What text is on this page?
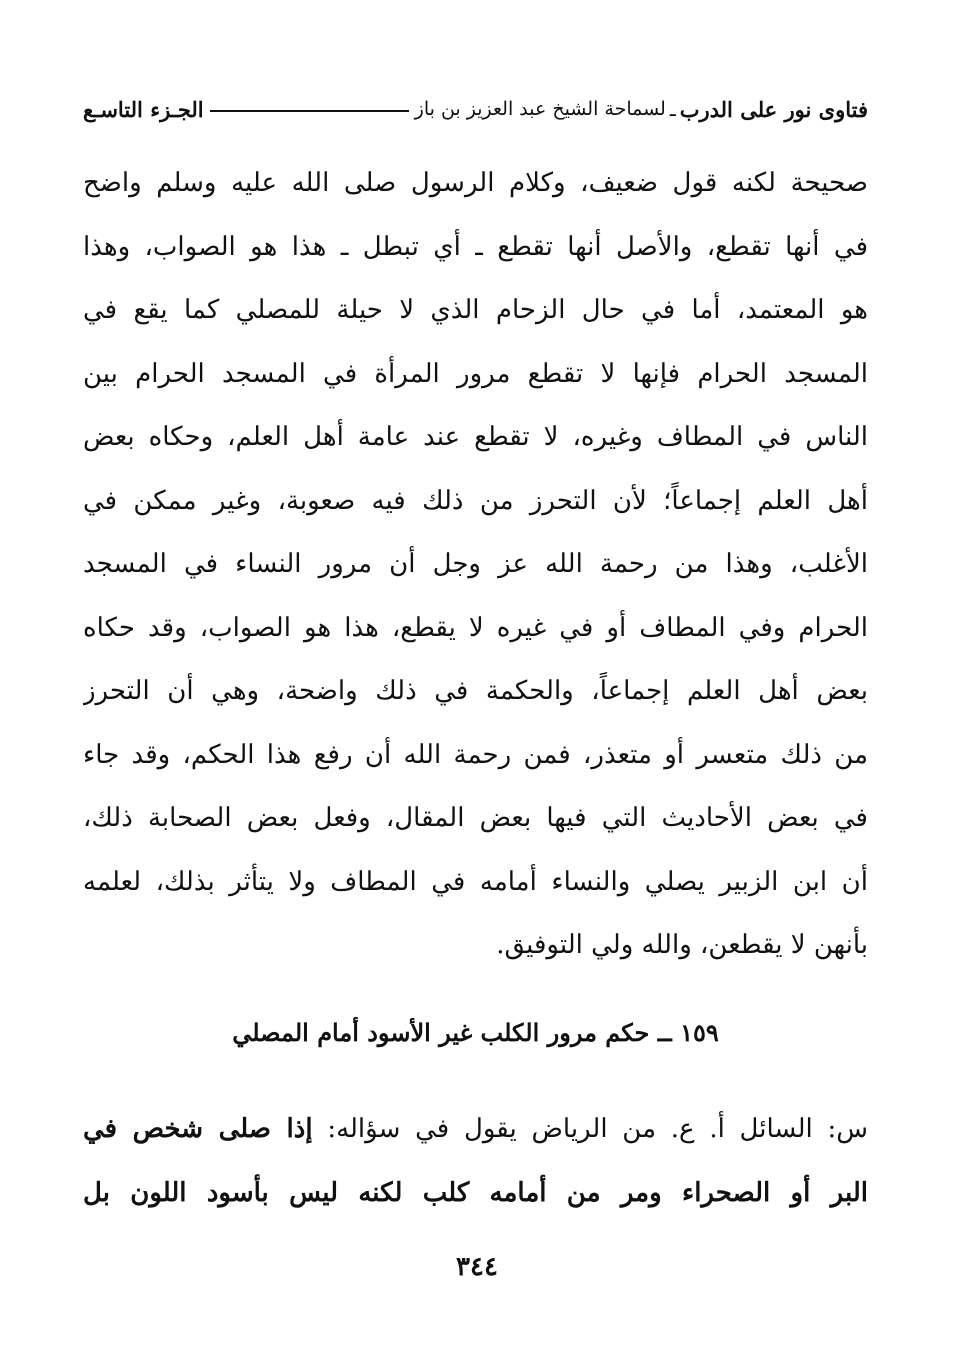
فتاوى نور على الدرب
ـ
لسماحة الشيخ عبد العزيز بن باز
الجـزء التاسـع
صحيحة لكنه قول ضعيف، وكلام الرسول صلى الله عليه وسلم واضح
في أنها تقطع، والأصل أنها تقطع ـ أي تبطل ـ هذا هو الصواب، وهذا
هو المعتمد، أما في حال الزحام الذي لا حيلة للمصلي كما يقع في
المسجد الحرام فإنها لا تقطع مرور المرأة في المسجد الحرام بين
الناس في المطاف وغيره، لا تقطع عند عامة أهل العلم، وحكاه بعض
أهل العلم إجماعاً؛ لأن التحرز من ذلك فيه صعوبة، وغير ممكن في
الأغلب، وهذا من رحمة الله عز وجل أن مرور النساء في المسجد
الحرام وفي المطاف أو في غيره لا يقطع، هذا هو الصواب، وقد حكاه
بعض أهل العلم إجماعاً، والحكمة في ذلك واضحة، وهي أن التحرز
من ذلك متعسر أو متعذر، فمن رحمة الله أن رفع هذا الحكم، وقد جاء
في بعض الأحاديث التي فيها بعض المقال، وفعل بعض الصحابة ذلك،
أن ابن الزبير يصلي والنساء أمامه في المطاف ولا يتأثر بذلك، لعلمه
بأنهن لا يقطعن، والله ولي التوفيق.
١٥٩ ــ حكم مرور الكلب غير الأسود أمام المصلي
س: السائل أ. ع. من الرياض يقول في سؤاله: إذا صلى شخص في
البر أو الصحراء ومر من أمامه كلب لكنه ليس بأسود اللون بل
٣٤٤
